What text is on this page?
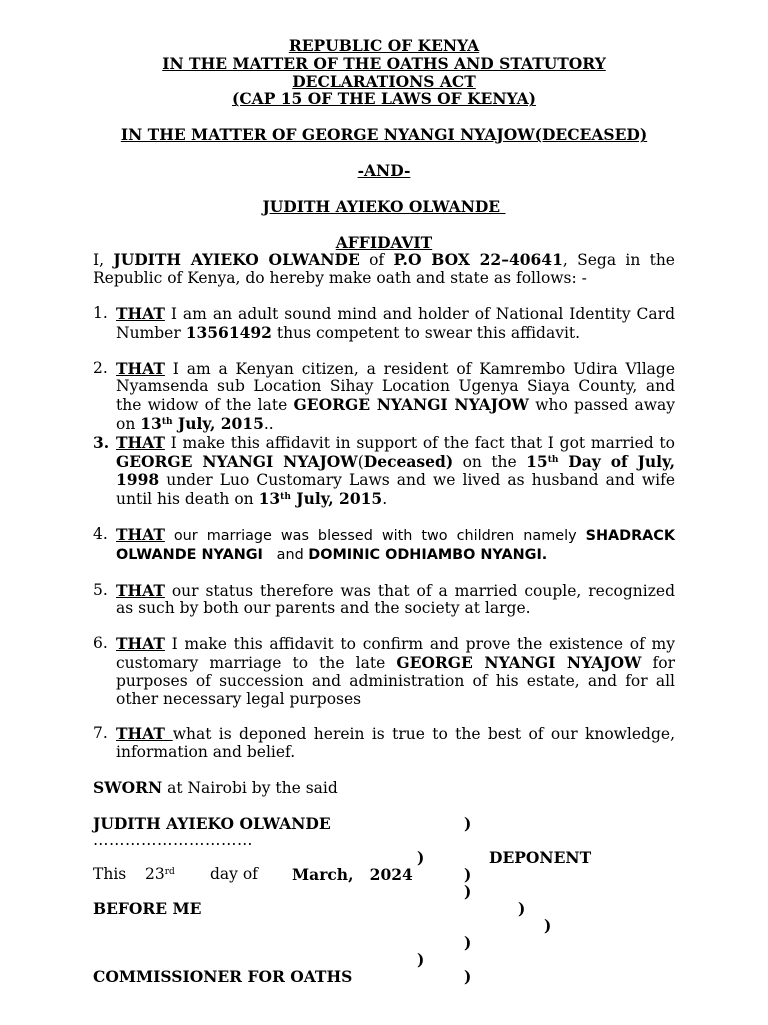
REPUBLIC OF KENYA
IN THE MATTER OF THE OATHS AND STATUTORY
DECLARATIONS ACT
(CAP 15 OF THE LAWS OF KENYA)
IN THE MATTER OF GEORGE NYANGI NYAJOW(DECEASED)
-AND-
JUDITH AYIEKO OLWANDE
AFFIDAVIT

I, JUDITH AYIEKO OLWANDE of P.O BOX 22–40641, Sega in the Republic of Kenya, do hereby make oath and state as follows: -

1. THAT I am an adult sound mind and holder of National Identity Card Number 13561492 thus competent to swear this affidavit.
2. THAT I am a Kenyan citizen, a resident of Kamrembo Udira Vllage Nyamsenda sub Location Sihay Location Ugenya Siaya County, and the widow of the late GEORGE NYANGI NYAJOW who passed away on 13th July, 2015..
3. THAT I make this affidavit in support of the fact that I got married to GEORGE NYANGI NYAJOW(Deceased) on the 15th Day of July, 1998 under Luo Customary Laws and we lived as husband and wife until his death on 13th July, 2015.
4. THAT our marriage was blessed with two children namely SHADRACK OLWANDE NYANGI   and DOMINIC ODHIAMBO NYANGI.
5. THAT our status therefore was that of a married couple, recognized as such by both our parents and the society at large.
6. THAT I make this affidavit to confirm and prove the existence of my customary marriage to the late GEORGE NYANGI NYAJOW for purposes of succession and administration of his estate, and for all other necessary legal purposes
7. THAT what is deponed herein is true to the best of our knowledge, information and belief.

SWORN at Nairobi by the said

JUDITH AYIEKO OLWANDE	)
…………………………
)	DEPONENT
This 23rd day of March,   2024	)
)
BEFORE ME	)
)
)
)
COMMISSIONER FOR OATHS	)
